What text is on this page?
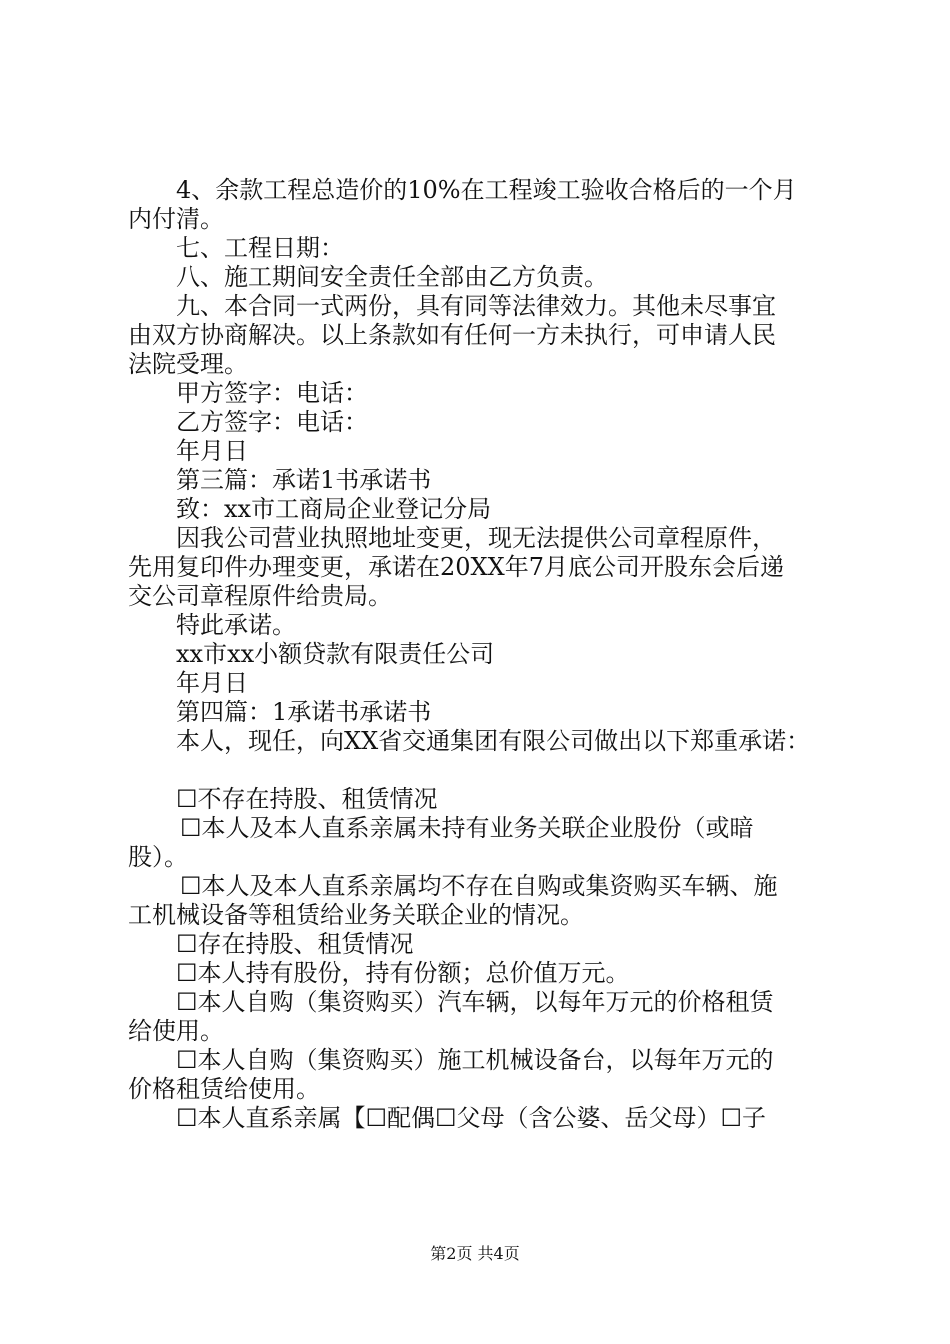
4、余款工程总造价的10%在工程竣工验收合格后的一个月
内付清。
七、工程日期：
八、施工期间安全责任全部由乙方负责。
九、本合同一式两份，具有同等法律效力。其他未尽事宜
由双方协商解决。以上条款如有任何一方未执行，可申请人民
法院受理。
甲方签字：电话：
乙方签字：电话：
年月日
第三篇：承诺1书承诺书
致：xx市工商局企业登记分局
因我公司营业执照地址变更，现无法提供公司章程原件，
先用复印件办理变更，承诺在20XX年7月底公司开股东会后递
交公司章程原件给贵局。
特此承诺。
xx市xx小额贷款有限责任公司
年月日
第四篇：1承诺书承诺书
本人，现任，向XX省交通集团有限公司做出以下郑重承诺：
☐不存在持股、租赁情况
☐本人及本人直系亲属未持有业务关联企业股份（或暗
股）。
☐本人及本人直系亲属均不存在自购或集资购买车辆、施
工机械设备等租赁给业务关联企业的情况。
☐存在持股、租赁情况
☐本人持有股份，持有份额；总价值万元。
☐本人自购（集资购买）汽车辆，以每年万元的价格租赁
给使用。
☐本人自购（集资购买）施工机械设备台，以每年万元的
价格租赁给使用。
☐本人直系亲属【☐配偶☐父母（含公婆、岳父母）☐子
第2页 共4页
